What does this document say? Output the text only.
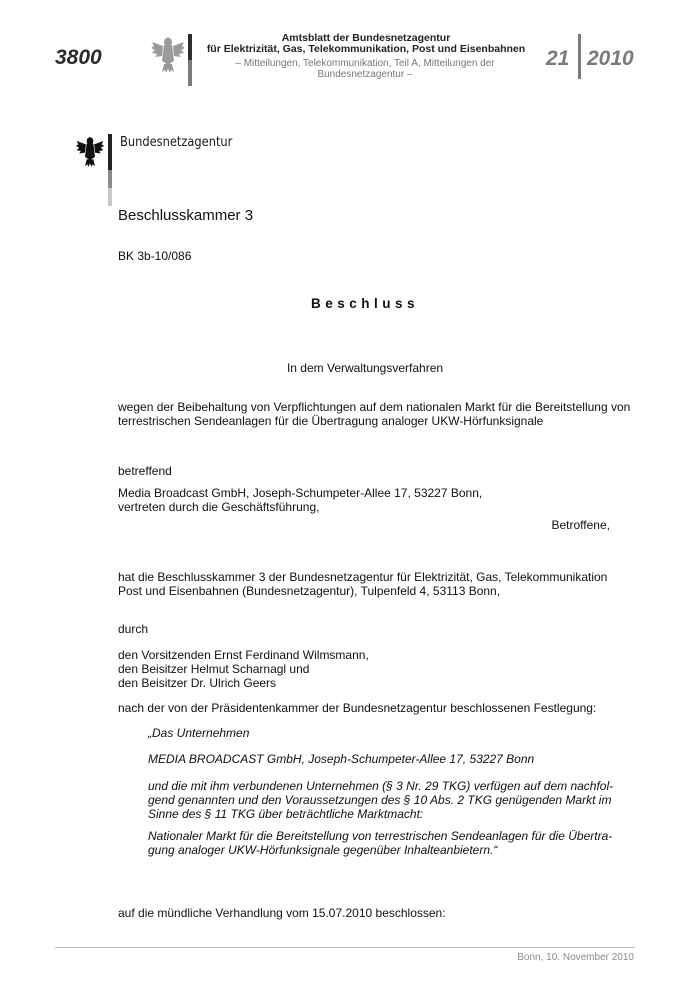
3800
Amtsblatt der Bundesnetzagentur
für Elektrizität, Gas, Telekommunikation, Post und Eisenbahnen
– Mitteilungen, Telekommunikation, Teil A, Mitteilungen der Bundesnetzagentur –
21 2010
Bundesnetzagentur
Beschlusskammer 3
BK 3b-10/086
Beschluss
In dem Verwaltungsverfahren
wegen der Beibehaltung von Verpflichtungen auf dem nationalen Markt für die Bereitstellung von
terrestrischen Sendeanlagen für die Übertragung analoger UKW-Hörfunksignale
betreffend
Media Broadcast GmbH, Joseph-Schumpeter-Allee 17, 53227 Bonn,
vertreten durch die Geschäftsführung,
Betroffene,
hat die Beschlusskammer 3 der Bundesnetzagentur für Elektrizität, Gas, Telekommunikation
Post und Eisenbahnen (Bundesnetzagentur), Tulpenfeld 4, 53113 Bonn,
durch
den Vorsitzenden Ernst Ferdinand Wilmsmann,
den Beisitzer Helmut Scharnagl und
den Beisitzer Dr. Ulrich Geers
nach der von der Präsidentenkammer der Bundesnetzagentur beschlossenen Festlegung:
„Das Unternehmen
MEDIA BROADCAST GmbH, Joseph-Schumpeter-Allee 17, 53227 Bonn
und die mit ihm verbundenen Unternehmen (§ 3 Nr. 29 TKG) verfügen auf dem nachfol-
gend genannten und den Voraussetzungen des § 10 Abs. 2 TKG genügenden Markt im
Sinne des § 11 TKG über beträchtliche Marktmacht:
Nationaler Markt für die Bereitstellung von terrestrischen Sendeanlagen für die Übertra-
gung analoger UKW-Hörfunksignale gegenüber Inhalteanbietern.“
auf die mündliche Verhandlung vom 15.07.2010 beschlossen:
Bonn, 10. November 2010
